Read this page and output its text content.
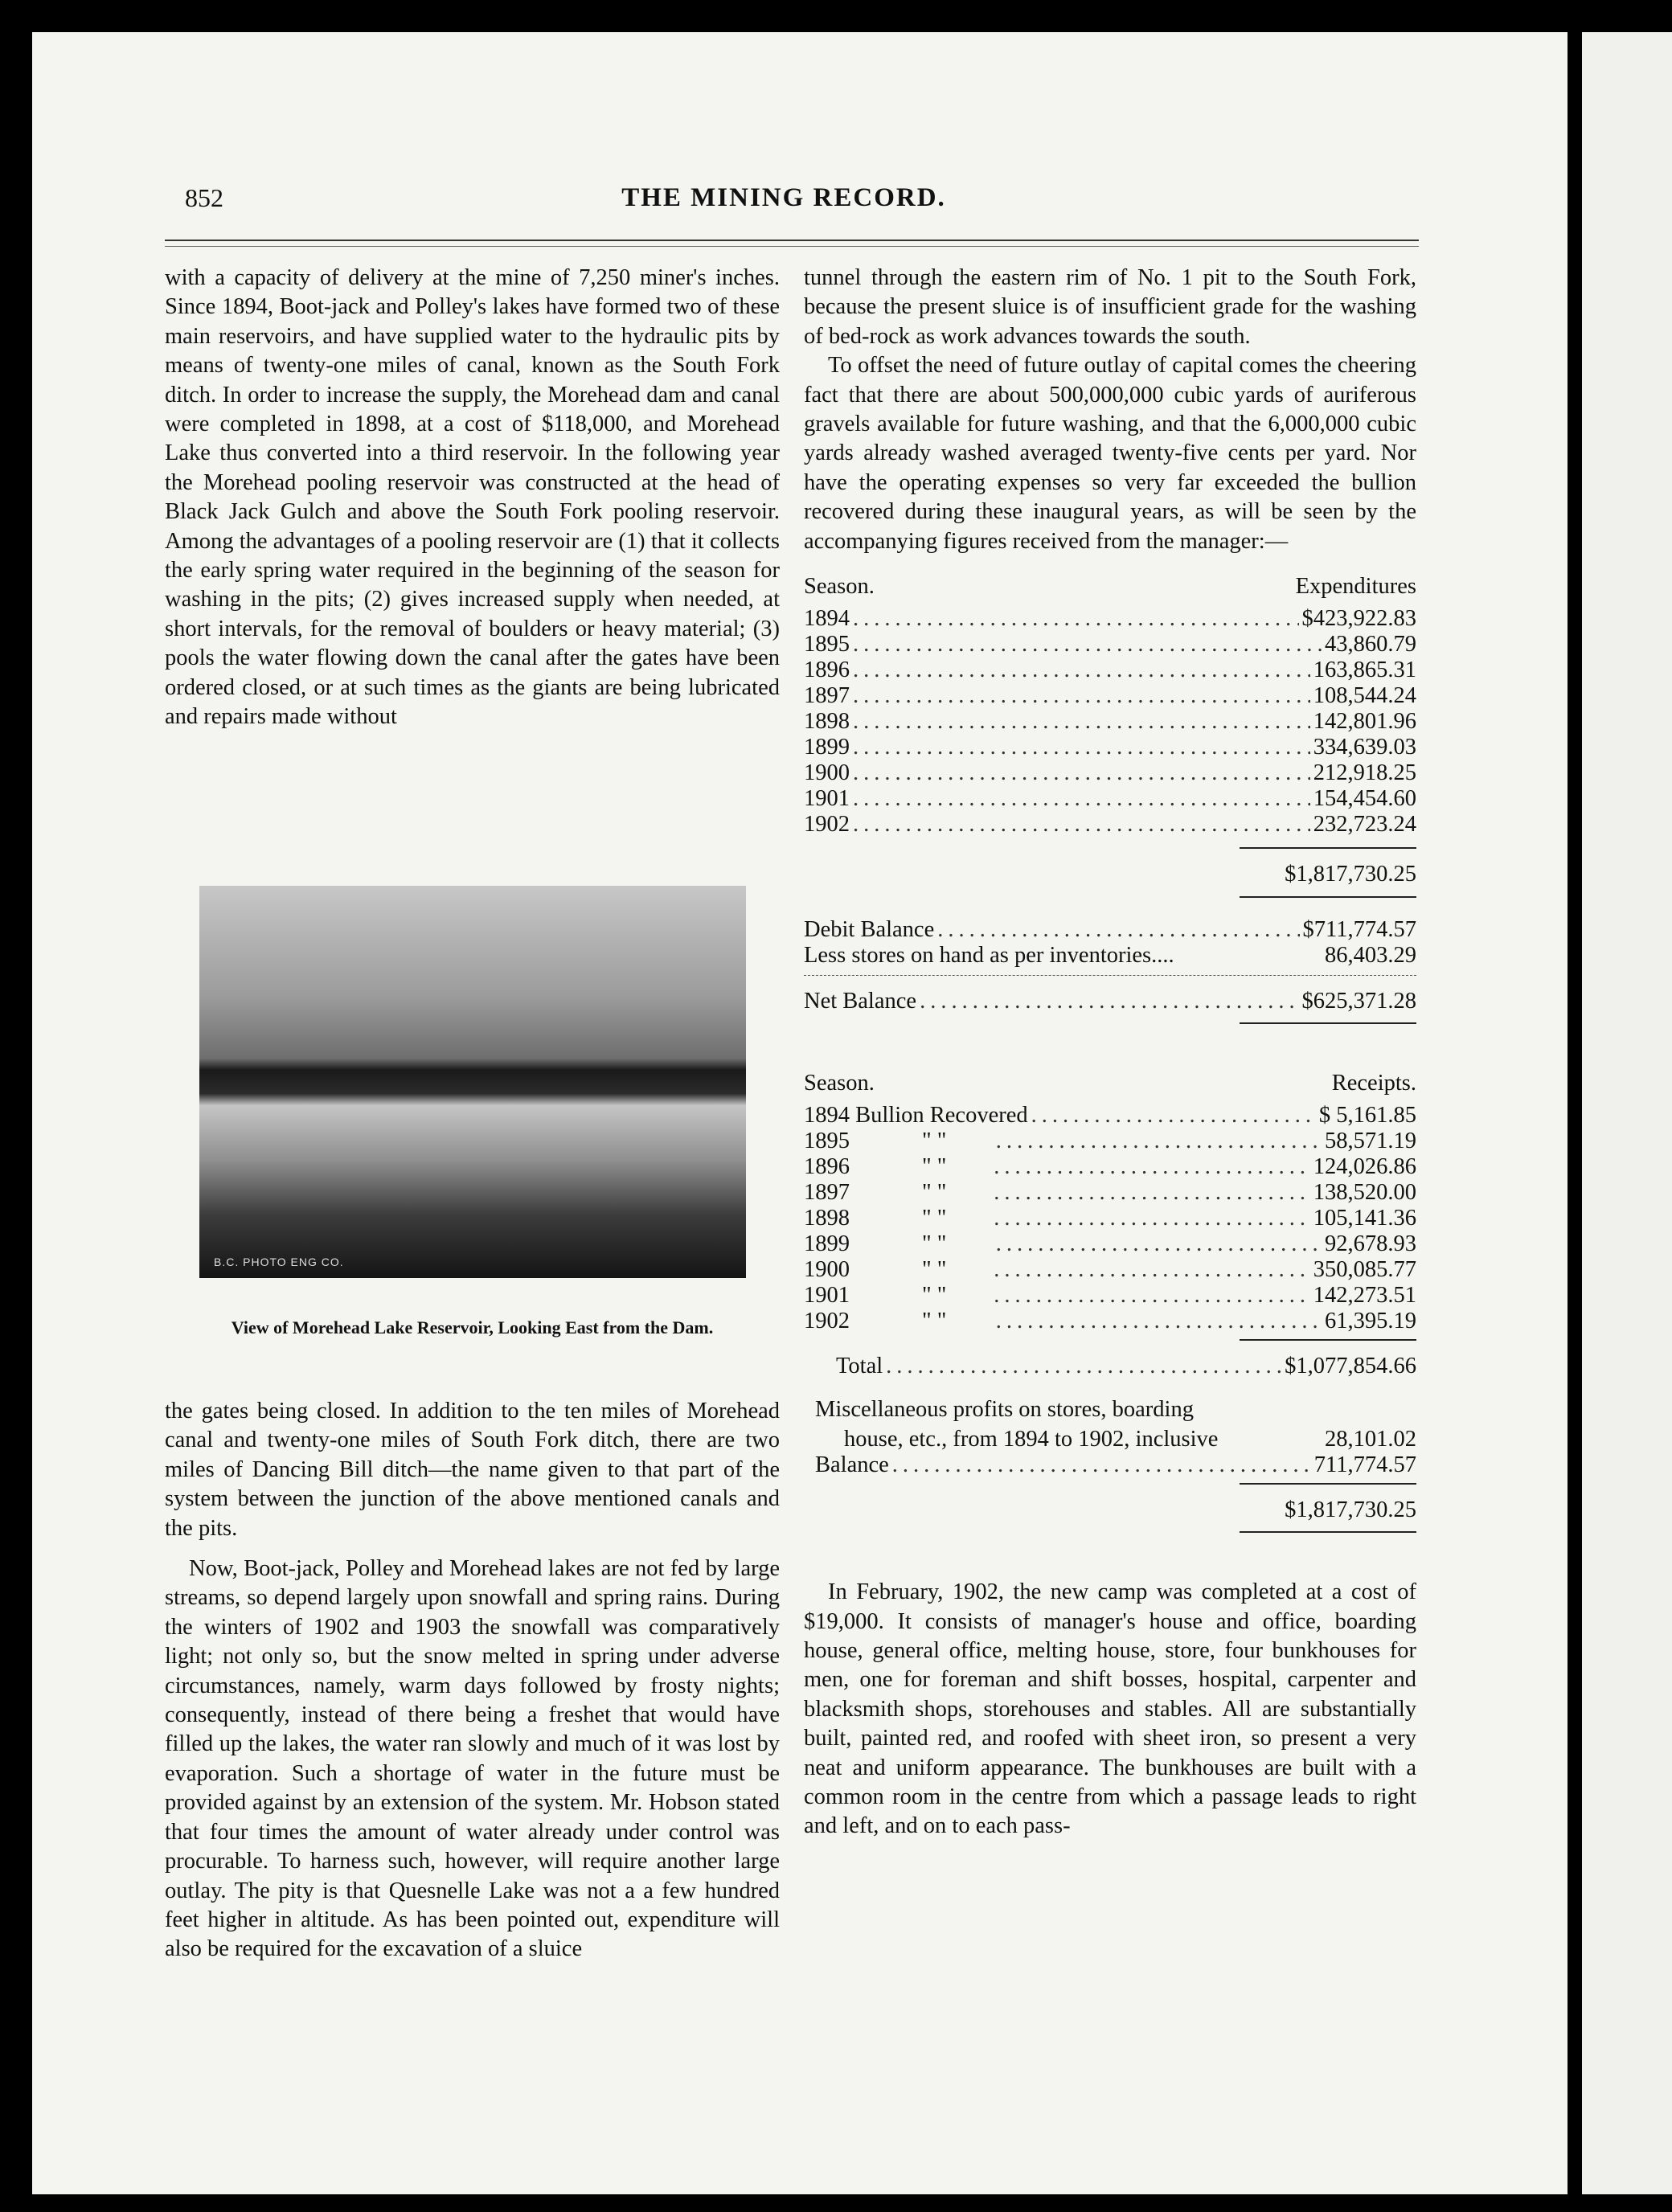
852	THE MINING RECORD.

with a capacity of delivery at the mine of 7,250 miner's inches. Since 1894, Boot-jack and Polley's lakes have formed two of these main reservoirs, and have supplied water to the hydraulic pits by means of twenty-one miles of canal, known as the South Fork ditch. In order to increase the supply, the Morehead dam and canal were completed in 1898, at a cost of $118,000, and Morehead Lake thus converted into a third reservoir. In the following year the Morehead pooling reservoir was constructed at the head of Black Jack Gulch and above the South Fork pooling reservoir. Among the advantages of a pooling reservoir are (1) that it collects the early spring water required in the beginning of the season for washing in the pits; (2) gives increased supply when needed, at short intervals, for the removal of boulders or heavy material; (3) pools the water flowing down the canal after the gates have been ordered closed, or at such times as the giants are being lubricated and repairs made without

B.C. PHOTO ENG CO.
View of Morehead Lake Reservoir, Looking East from the Dam.

the gates being closed. In addition to the ten miles of Morehead canal and twenty-one miles of South Fork ditch, there are two miles of Dancing Bill ditch—the name given to that part of the system between the junction of the above mentioned canals and the pits.

Now, Boot-jack, Polley and Morehead lakes are not fed by large streams, so depend largely upon snowfall and spring rains. During the winters of 1902 and 1903 the snowfall was comparatively light; not only so, but the snow melted in spring under adverse circumstances, namely, warm days followed by frosty nights; consequently, instead of there being a freshet that would have filled up the lakes, the water ran slowly and much of it was lost by evaporation. Such a shortage of water in the future must be provided against by an extension of the system. Mr. Hobson stated that four times the amount of water already under control was procurable. To harness such, however, will require another large outlay. The pity is that Quesnelle Lake was not a a few hundred feet higher in altitude. As has been pointed out, expenditure will also be required for the excavation of a sluice

tunnel through the eastern rim of No. 1 pit to the South Fork, because the present sluice is of insufficient grade for the washing of bed-rock as work advances towards the south.

To offset the need of future outlay of capital comes the cheering fact that there are about 500,000,000 cubic yards of auriferous gravels available for future washing, and that the 6,000,000 cubic yards already washed averaged twenty-five cents per yard. Nor have the operating expenses so very far exceeded the bullion recovered during these inaugural years, as will be seen by the accompanying figures received from the manager:—

Season.	Expenditures
1894 .....	$423,922.83
1895 .....	43,860.79
1896 .....	163,865.31
1897 .....	108,544.24
1898 .....	142,801.96
1899 .....	334,639.03
1900 .....	212,918.25
1901 .....	154,454.60
1902 .....	232,723.24
$1,817,730.25
Debit Balance .....	$711,774.57
Less stores on hand as per inventories....	86,403.29
Net Balance .....	$625,371.28
Season.	Receipts.
1894 Bullion Recovered .....	$ 5,161.85
1895	" " .....	58,571.19
1896	" " .....	124,026.86
1897	" " .....	138,520.00
1898	" " .....	105,141.36
1899	" " .....	92,678.93
1900	" " .....	350,085.77
1901	" " .....	142,273.51
1902	" " .....	61,395.19
Total .....	$1,077,854.66
Miscellaneous profits on stores, boarding
house, etc., from 1894 to 1902, inclusive	28,101.02
Balance .....	711,774.57
$1,817,730.25

In February, 1902, the new camp was completed at a cost of $19,000. It consists of manager's house and office, boarding house, general office, melting house, store, four bunkhouses for men, one for foreman and shift bosses, hospital, carpenter and blacksmith shops, storehouses and stables. All are substantially built, painted red, and roofed with sheet iron, so present a very neat and uniform appearance. The bunkhouses are built with a common room in the centre from which a passage leads to right and left, and on to each pass-
